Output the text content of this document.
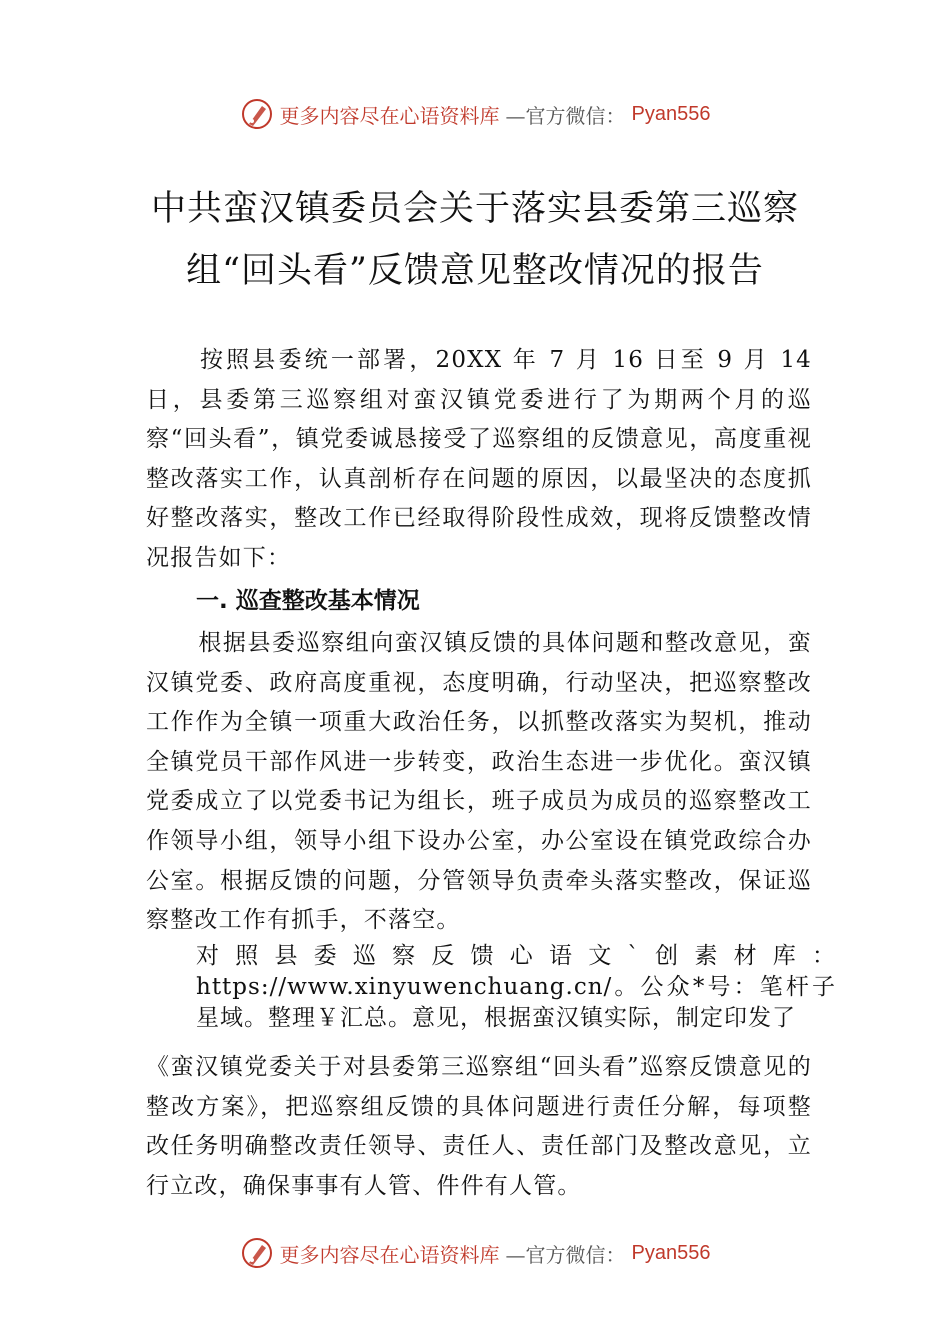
更多内容尽在心语资料库 —官方微信： Pyan556
中共蛮汉镇委员会关于落实县委第三巡察
组“回头看”反馈意见整改情况的报告

按照县委统一部署，20XX 年 7 月 16 日至 9 月 14 日，县委第三巡察组对蛮汉镇党委进行了为期两个月的巡察“回头看”，镇党委诚恳接受了巡察组的反馈意见，高度重视整改落实工作，认真剖析存在问题的原因，以最坚决的态度抓好整改落实，整改工作已经取得阶段性成效，现将反馈整改情况报告如下：

一. 巡查整改基本情况

根据县委巡察组向蛮汉镇反馈的具体问题和整改意见，蛮汉镇党委、政府高度重视，态度明确，行动坚决，把巡察整改工作作为全镇一项重大政治任务，以抓整改落实为契机，推动全镇党员干部作风进一步转变，政治生态进一步优化。蛮汉镇党委成立了以党委书记为组长，班子成员为成员的巡察整改工作领导小组，领导小组下设办公室，办公室设在镇党政综合办公室。根据反馈的问题，分管领导负责牵头落实整改，保证巡察整改工作有抓手，不落空。

对照县委巡察反馈心语文`创素材库：https://www.xinyuwenchuang.cn/。公众*号：笔杆子星域。整理￥汇总。意见，根据蛮汉镇实际，制定印发了

《蛮汉镇党委关于对县委第三巡察组“回头看”巡察反馈意见的整改方案》，把巡察组反馈的具体问题进行责任分解，每项整改任务明确整改责任领导、责任人、责任部门及整改意见，立行立改，确保事事有人管、件件有人管。

更多内容尽在心语资料库 —官方微信： Pyan556
